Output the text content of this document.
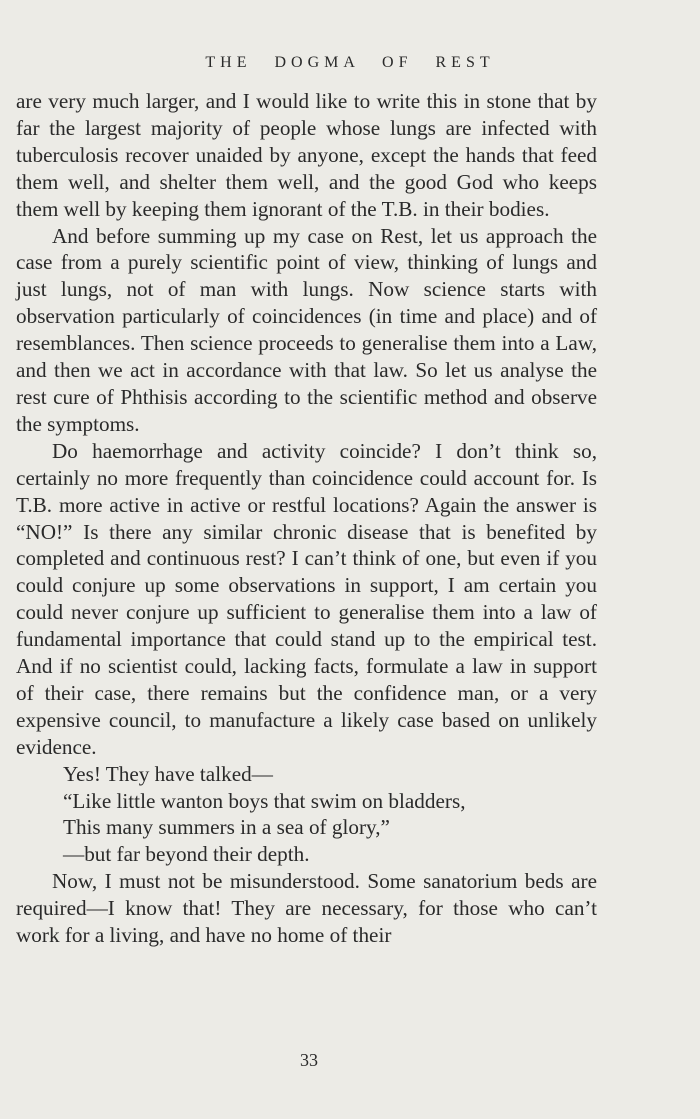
THE DOGMA OF REST

are very much larger, and I would like to write this in stone that by far the largest majority of people whose lungs are infected with tuberculosis recover unaided by anyone, except the hands that feed them well, and shelter them well, and the good God who keeps them well by keeping them ignorant of the T.B. in their bodies.

And before summing up my case on Rest, let us approach the case from a purely scientific point of view, thinking of lungs and just lungs, not of man with lungs. Now science starts with observation particularly of coincidences (in time and place) and of resemblances. Then science proceeds to generalise them into a Law, and then we act in accordance with that law. So let us analyse the rest cure of Phthisis according to the scientific method and observe the symptoms.

Do haemorrhage and activity coincide? I don’t think so, certainly no more frequently than coincidence could account for. Is T.B. more active in active or restful locations? Again the answer is “NO!” Is there any similar chronic disease that is benefited by completed and continuous rest? I can’t think of one, but even if you could conjure up some observations in support, I am certain you could never conjure up sufficient to generalise them into a law of fundamental importance that could stand up to the empirical test. And if no scientist could, lacking facts, formulate a law in support of their case, there remains but the confidence man, or a very expensive council, to manufacture a likely case based on unlikely evidence.

Yes! They have talked—
“Like little wanton boys that swim on bladders,
This many summers in a sea of glory,”
—but far beyond their depth.

Now, I must not be misunderstood. Some sanatorium beds are required—I know that! They are necessary, for those who can’t work for a living, and have no home of their

33
